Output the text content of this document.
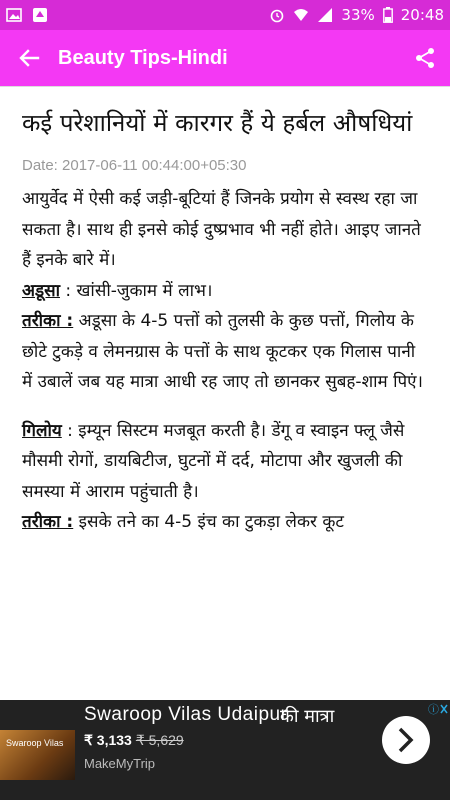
33% 20:48
Beauty Tips-Hindi
कई परेशानियों में कारगर हैं ये हर्बल औषधियां
Date: 2017-06-11 00:44:00+05:30

आयुर्वेद में ऐसी कई जड़ी-बूटियां हैं जिनके प्रयोग से स्वस्थ रहा जा सकता है। साथ ही इनसे कोई दुष्प्रभाव भी नहीं होते। आइए जानते हैं इनके बारे में।

अडूसा : खांसी-जुकाम में लाभ।

तरीका : अडूसा के 4-5 पत्तों को तुलसी के कुछ पत्तों, गिलोय के छोटे टुकड़े व लेमनग्रास के पत्तों के साथ कूटकर एक गिलास पानी में उबालें जब यह मात्रा आधी रह जाए तो छानकर सुबह-शाम पिएं।

गिलोय : इम्यून सिस्टम मजबूत करती है। डेंगू व स्वाइन फ्लू जैसे मौसमी रोगों, डायबिटीज, घुटनों में दर्द, मोटापा और खुजली की समस्या में आराम पहुंचाती है।

तरीका : इसके तने का 4-5 इंच का टुकड़ा लेकर कूट

Swaroop Vilas
Swaroop Vilas Udaipur
की मात्रा
₹ 3,133 ₹ 5,629
MakeMyTrip
ⓘ
